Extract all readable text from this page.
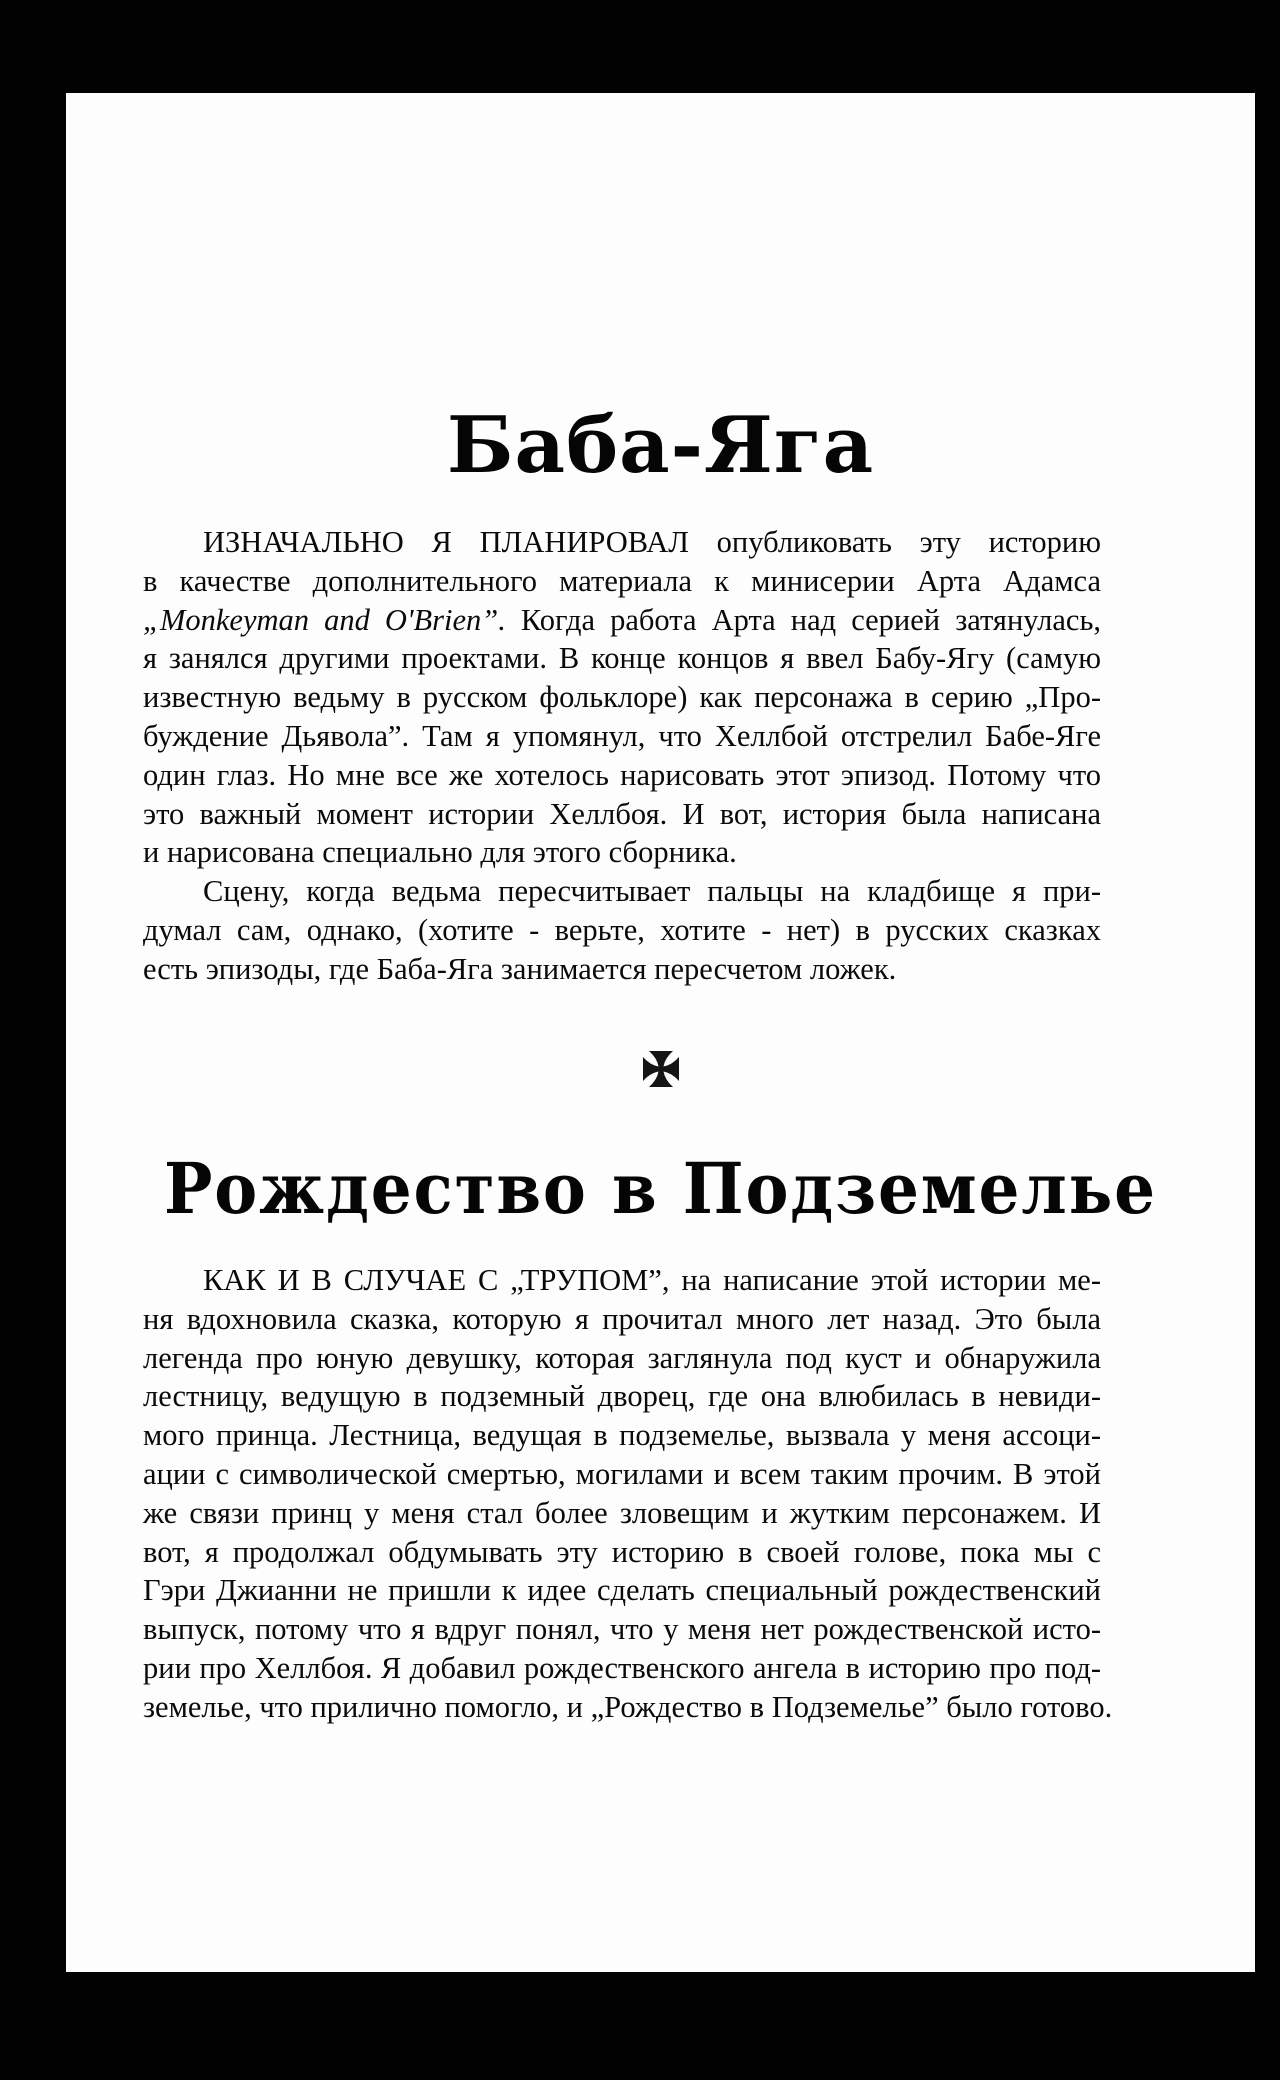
Баба-Яга
ИЗНАЧАЛЬНО Я ПЛАНИРОВАЛ опубликовать эту историю
в качестве дополнительного материала к минисерии Арта Адамса
„Monkeyman and O'Brien”. Когда работа Арта над серией затянулась,
я занялся другими проектами. В конце концов я ввел Бабу-Ягу (самую
известную ведьму в русском фольклоре) как персонажа в серию „Про-
буждение Дьявола”. Там я упомянул, что Хеллбой отстрелил Бабе-Яге
один глаз. Но мне все же хотелось нарисовать этот эпизод. Потому что
это важный момент истории Хеллбоя. И вот, история была написана
и нарисована специально для этого сборника.
Сцену, когда ведьма пересчитывает пальцы на кладбище я при-
думал сам, однако, (хотите - верьте, хотите - нет) в русских сказках
есть эпизоды, где Баба-Яга занимается пересчетом ложек.
Рождество в Подземелье
КАК И В СЛУЧАЕ С „ТРУПОМ”, на написание этой истории ме-
ня вдохновила сказка, которую я прочитал много лет назад. Это была
легенда про юную девушку, которая заглянула под куст и обнаружила
лестницу, ведущую в подземный дворец, где она влюбилась в невиди-
мого принца. Лестница, ведущая в подземелье, вызвала у меня ассоци-
ации с символической смертью, могилами и всем таким прочим. В этой
же связи принц у меня стал более зловещим и жутким персонажем. И
вот, я продолжал обдумывать эту историю в своей голове, пока мы с
Гэри Джианни не пришли к идее сделать специальный рождественский
выпуск, потому что я вдруг понял, что у меня нет рождественской исто-
рии про Хеллбоя. Я добавил рождественского ангела в историю про под-
земелье, что прилично помогло, и „Рождество в Подземелье” было готово.
